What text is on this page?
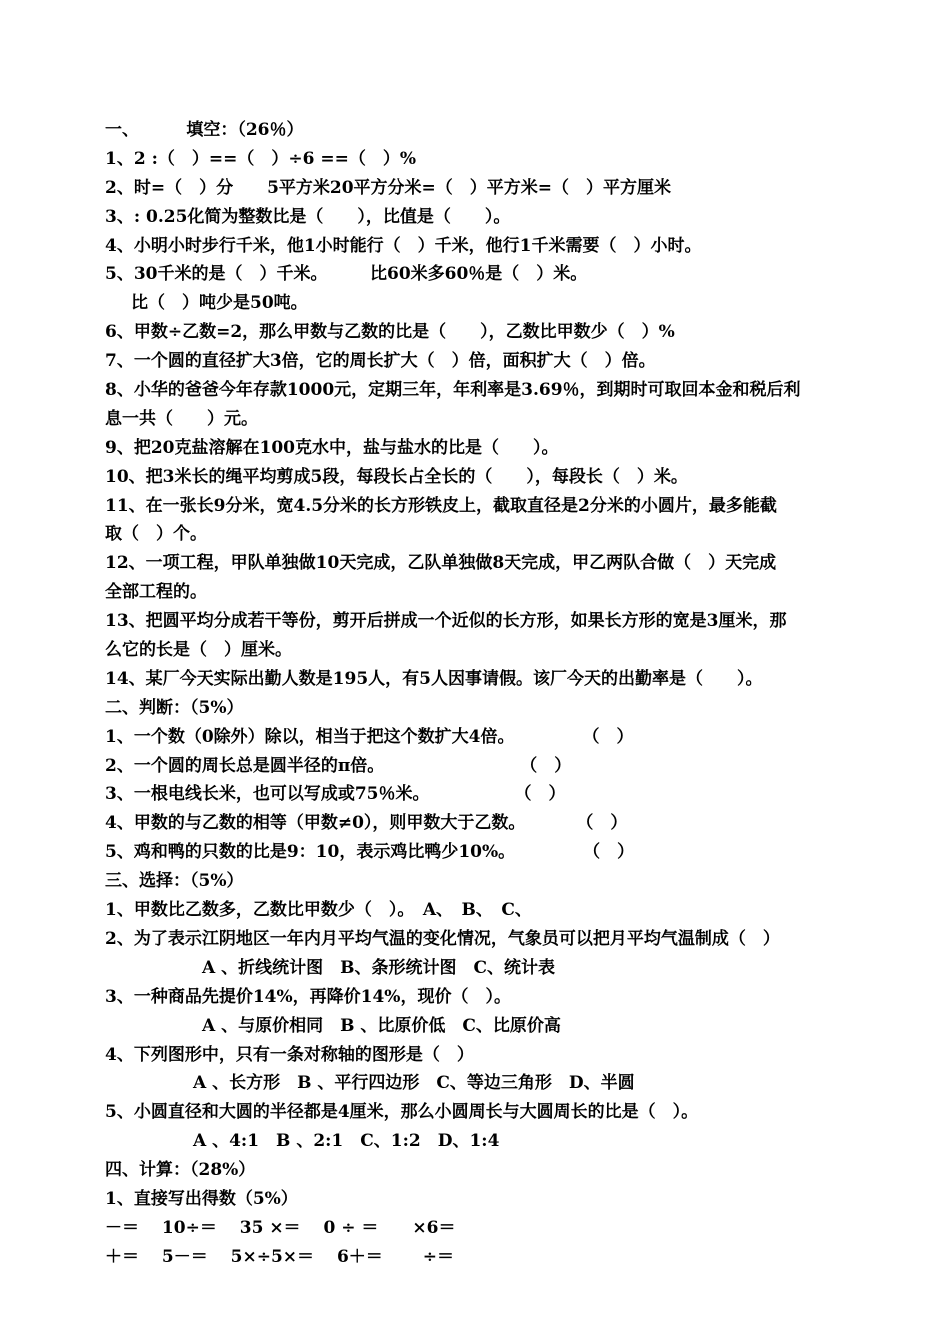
一、        填空：（26％）
1、2 :（　）==（　）÷6 ==（　）%
2、时=（　）分　　5平方米20平方分米=（　）平方米=（　）平方厘米
3、: 0.25化简为整数比是（　　），比值是（　　）。
4、小明小时步行千米，他1小时能行（　）千米，他行1千米需要（　）小时。
5、30千米的是（　）千米。　　　比60米多60％是（　）米。
比（　）吨少是50吨。
6、甲数÷乙数=2，那么甲数与乙数的比是（　　），乙数比甲数少（　）%
7、一个圆的直径扩大3倍，它的周长扩大（　）倍，面积扩大（　）倍。
8、小华的爸爸今年存款1000元，定期三年，年利率是3.69％，到期时可取回本金和税后利
息一共（　　）元。
9、把20克盐溶解在100克水中，盐与盐水的比是（　　）。
10、把3米长的绳平均剪成5段，每段长占全长的（　　），每段长（　）米。
11、在一张长9分米，宽4.5分米的长方形铁皮上，截取直径是2分米的小圆片，最多能截
取（　）个。
12、一项工程，甲队单独做10天完成，乙队单独做8天完成，甲乙两队合做（　）天完成
全部工程的。
13、把圆平均分成若干等份，剪开后拼成一个近似的长方形，如果长方形的宽是3厘米，那
么它的长是（　）厘米。
14、某厂今天实际出勤人数是195人，有5人因事请假。该厂今天的出勤率是（　　）。
二、判断：（5%）
1、一个数（0除外）除以，相当于把这个数扩大4倍。　　　　　（　）
2、一个圆的周长总是圆半径的π倍。　　　　　　　　　（　）
3、一根电线长米，也可以写成或75％米。　　　　　　（　）
4、甲数的与乙数的相等（甲数≠0），则甲数大于乙数。　　　　（　）
5、鸡和鸭的只数的比是9：10，表示鸡比鸭少10%。　　　　　（　）
三、选择：（5%）
1、甲数比乙数多，乙数比甲数少（　）。　A、　B、　C、
2、为了表示江阴地区一年内月平均气温的变化情况，气象员可以把月平均气温制成（　）
A 、折线统计图　B、条形统计图　C、统计表
3、一种商品先提价14%，再降价14%，现价（　）。
A 、与原价相同　B 、比原价低　C、比原价高
4、下列图形中，只有一条对称轴的图形是（　）
A 、长方形　B 、平行四边形　C、等边三角形　D、半圆
5、小圆直径和大圆的半径都是4厘米，那么小圆周长与大圆周长的比是（　）。
A 、4:1　B 、2:1　C、1:2　D、1:4
四、计算：（28%）
1、直接写出得数（5%）
－＝　 10÷＝　 35 ×＝　 0 ÷ ＝　　×6＝
＋＝　 5－＝　 5×÷5×＝　 6＋＝　　 ÷＝
